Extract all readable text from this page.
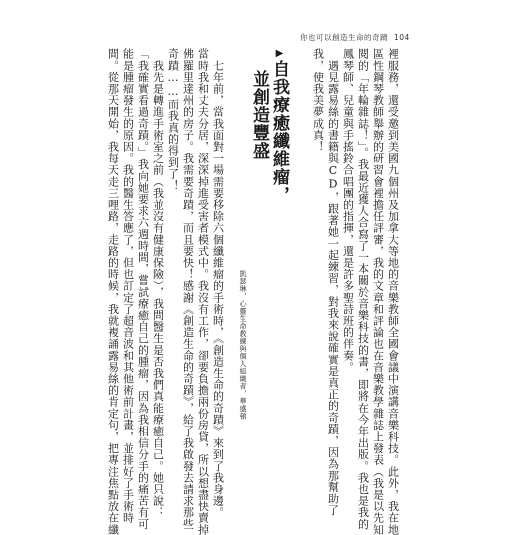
你也可以創造生命的奇蹟 104
裡服務，還受邀到美國九個州及加拿大等地的音樂教師全國會議中演講音樂科技。此外，我在地
區性鋼琴教師舉辦的研習會裡擔任評審，我的文章和評論也在音樂教學雜誌上發表（我是以先知
閱的「年輪雜誌！」。我最近獲人合寫了一本關於音樂科技的書，即將在今年出版。我也是我的
鳳琴師、兒童與手搖鈴合唱團的指揮，還是許多聖詩班的伴奏。
　遇見露易絲的書籍與CD，跟著她一起練習，對我來說確實是真正的奇蹟，因為那幫助了
我，使我美夢成真！
▶自我療癒纖維瘤，
並創造豐盛
凱瑟琳，心靈生命教練與個人組織者，華盛頓
　七年前，當我面對一場需要移除六個纖維瘤的手術時，《創造生命的奇蹟》來到了我身邊。
當時我和丈夫分居，深深掉進受害者模式中。我沒有工作，卻要負擔兩份房貸，所以想盡快賣掉
佛羅里達州的房子。我需要奇蹟，而且要快！感謝《創造生命的奇蹟》，給了我啟發去請求那些
奇蹟……而我真的得到了！
　我先是轉進手術室之前（我並沒有健康保險），我問醫生是否我們真能療癒自己。她只說：
「我確實看過奇蹟。」我向她要求六週時間，嘗試療癒自己的腫瘤，因為我相信分手的痛苦有可
能是腫瘤發生的原因。我的醫生答應了，但也訂定了超音波和其他術前計畫，並排好了手術時
間。從那天開始，我每天走三哩路，走路的時候，我就複誦露易絲的肯定句，把專注焦點放在纖
